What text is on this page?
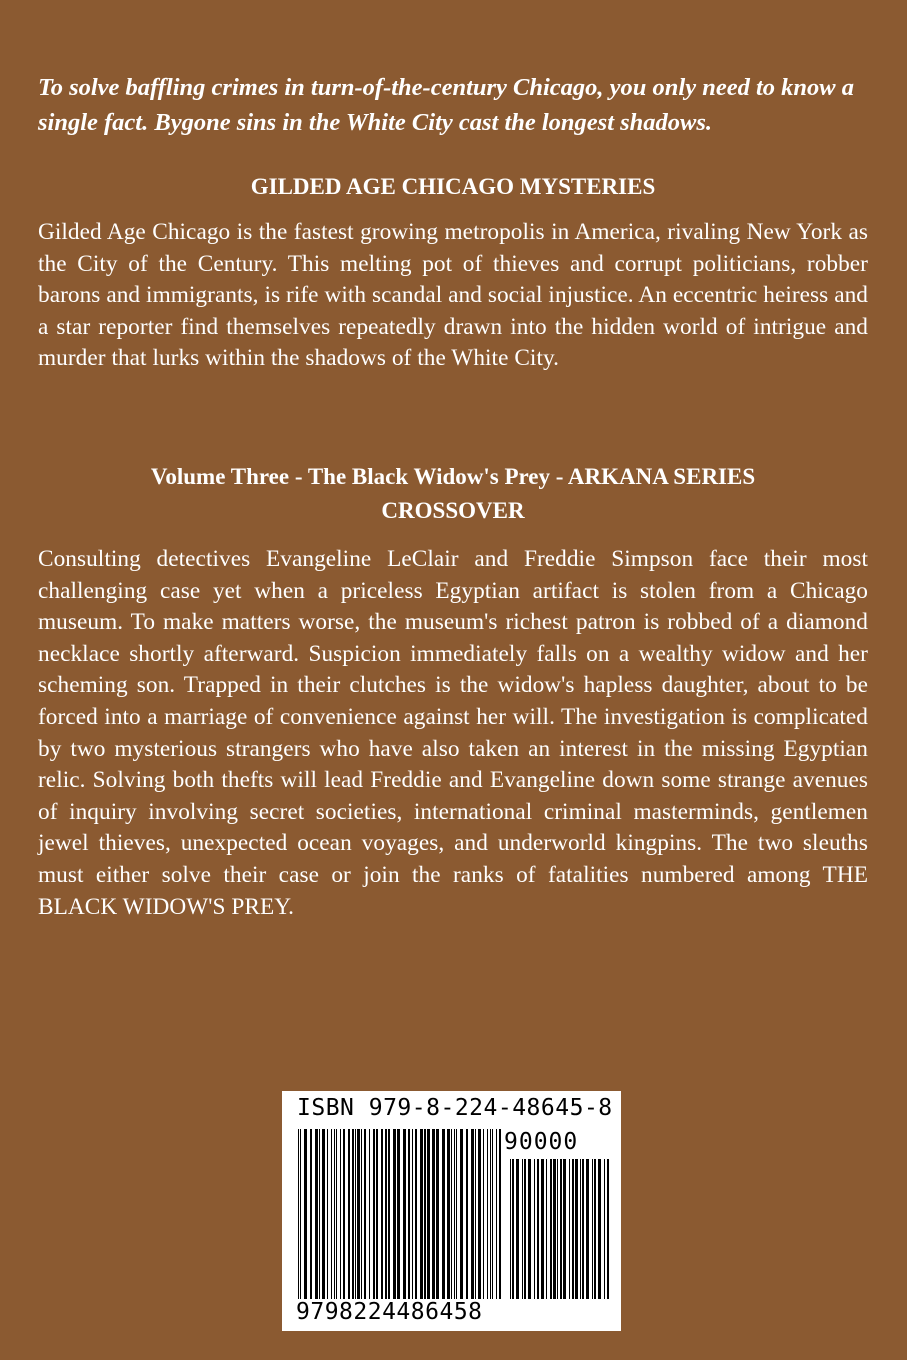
To solve baffling crimes in turn-of-the-century Chicago, you only need to know a single fact. Bygone sins in the White City cast the longest shadows.

GILDED AGE CHICAGO MYSTERIES

Gilded Age Chicago is the fastest growing metropolis in America, rivaling New York as the City of the Century. This melting pot of thieves and corrupt politicians, robber barons and immigrants, is rife with scandal and social injustice. An eccentric heiress and a star reporter find themselves repeatedly drawn into the hidden world of intrigue and murder that lurks within the shadows of the White City.

Volume Three - The Black Widow's Prey - ARKANA SERIES
CROSSOVER

Consulting detectives Evangeline LeClair and Freddie Simpson face their most challenging case yet when a priceless Egyptian artifact is stolen from a Chicago museum. To make matters worse, the museum's richest patron is robbed of a diamond necklace shortly afterward. Suspicion immediately falls on a wealthy widow and her scheming son. Trapped in their clutches is the widow's hapless daughter, about to be forced into a marriage of convenience against her will. The investigation is complicated by two mysterious strangers who have also taken an interest in the missing Egyptian relic. Solving both thefts will lead Freddie and Evangeline down some strange avenues of inquiry involving secret societies, international criminal masterminds, gentlemen jewel thieves, unexpected ocean voyages, and underworld kingpins. The two sleuths must either solve their case or join the ranks of fatalities numbered among THE BLACK WIDOW'S PREY.

ISBN 979-8-224-48645-8
90000
9798224486458
